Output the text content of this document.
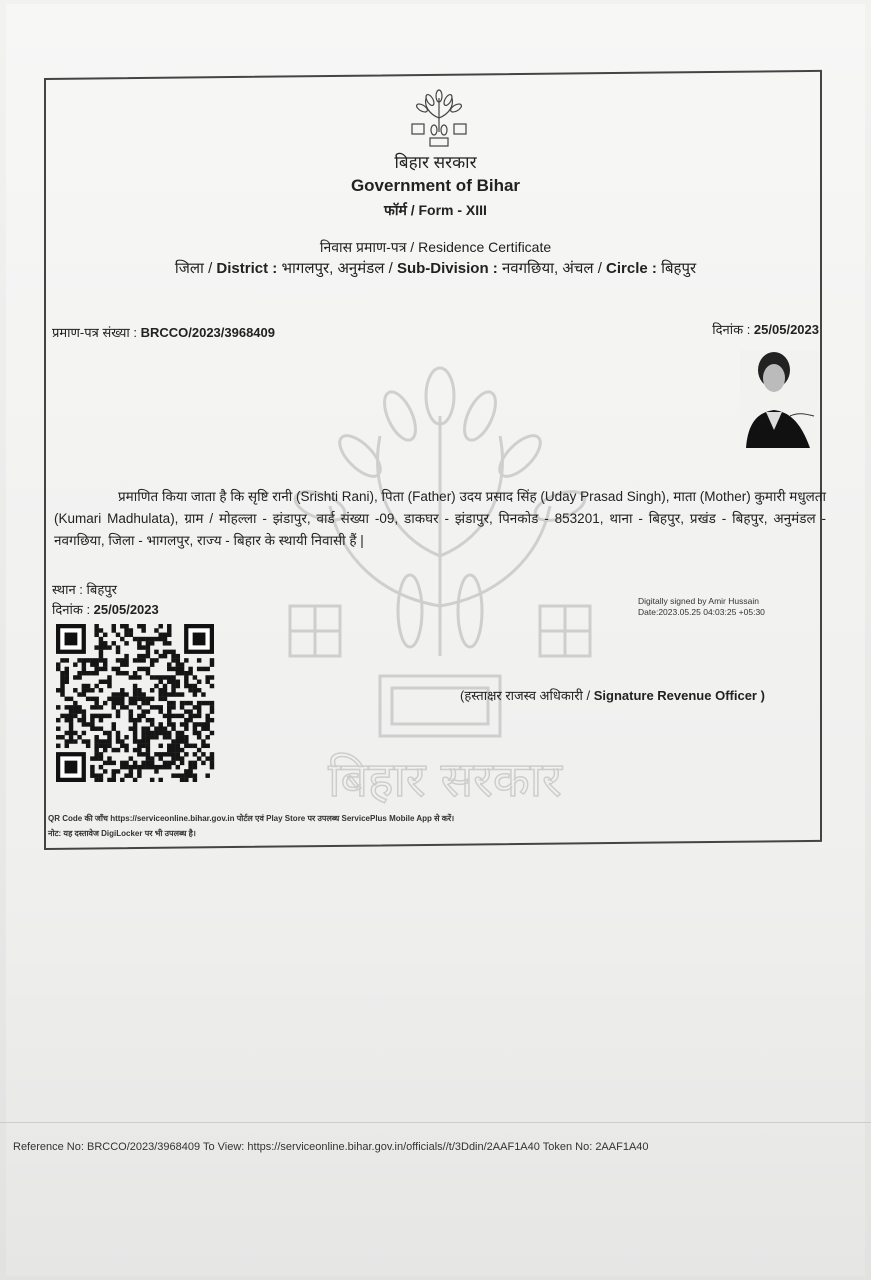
बिहार सरकार
Government of Bihar
फॉर्म / Form - XIII
निवास प्रमाण-पत्र / Residence Certificate
जिला / District : भागलपुर, अनुमंडल / Sub-Division : नवगछिया, अंचल / Circle : बिहपुर
प्रमाण-पत्र संख्या : BRCCO/2023/3968409	दिनांक : 25/05/2023
बिहार सरकार
प्रमाणित किया जाता है कि सृष्टि रानी (Srishti Rani), पिता (Father) उदय प्रसाद सिंह (Uday Prasad Singh), माता (Mother) कुमारी मधुलता (Kumari Madhulata), ग्राम / मोहल्ला - झंडापुर, वार्ड संख्या -09, डाकघर - झंडापुर, पिनकोड - 853201, थाना - बिहपुर, प्रखंड - बिहपुर, अनुमंडल - नवगछिया, जिला - भागलपुर, राज्य - बिहार के स्थायी निवासी हैं |
स्थान : बिहपुर
दिनांक : 25/05/2023
Digitally signed by Amir Hussain
Date:2023.05.25 04:03:25 +05:30
(हस्ताक्षर राजस्व अधिकारी / Signature Revenue Officer )
QR Code की जाँच https://serviceonline.bihar.gov.in पोर्टल एवं Play Store पर उपलब्ध ServicePlus Mobile App से करें।
नोट: यह दस्तावेज DigiLocker पर भी उपलब्ध है।
Reference No: BRCCO/2023/3968409 To View: https://serviceonline.bihar.gov.in/officials//t/3Ddin/2AAF1A40 Token No: 2AAF1A40
